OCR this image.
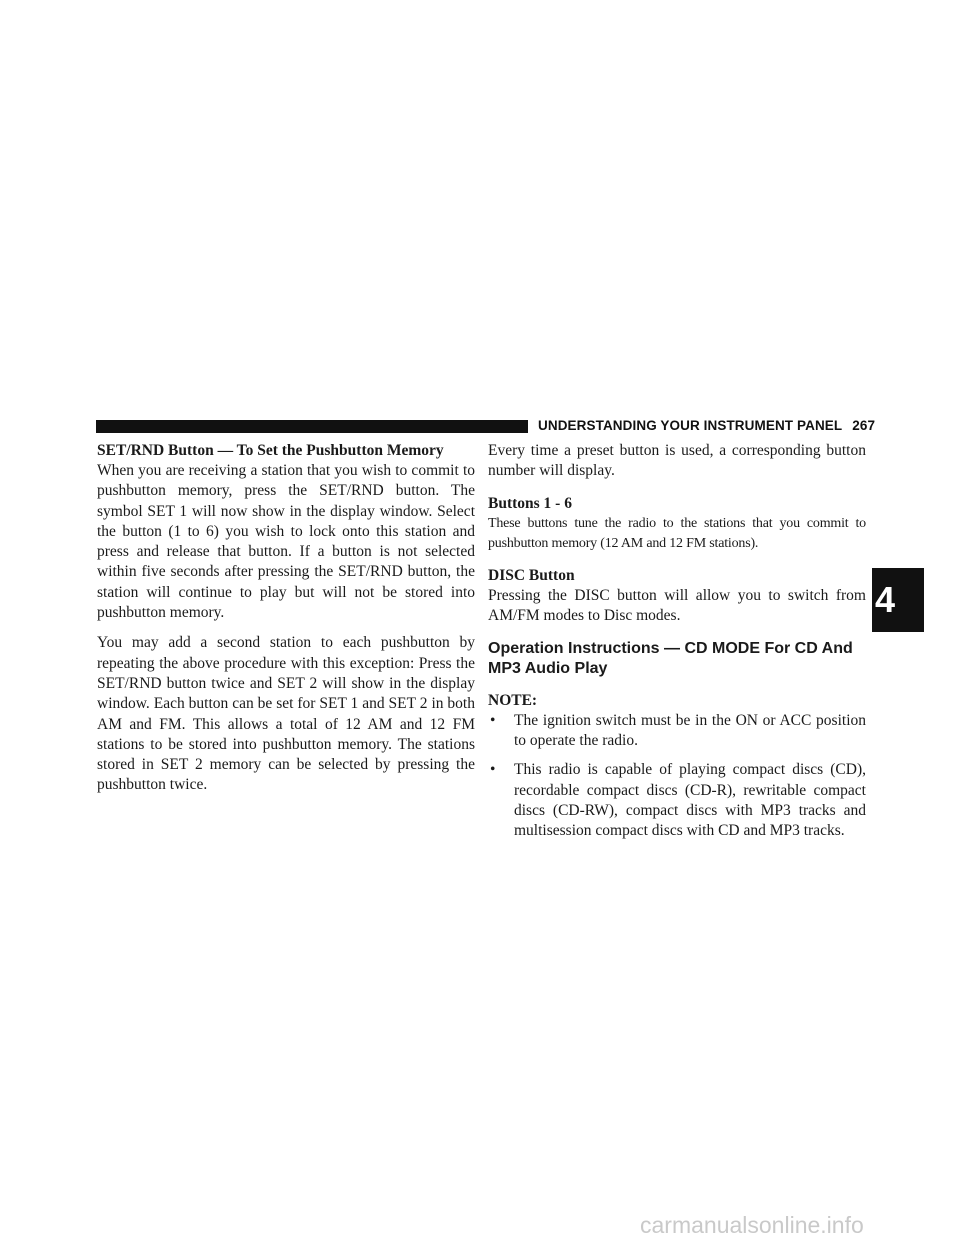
UNDERSTANDING YOUR INSTRUMENT PANEL 267
4
SET/RND Button — To Set the Pushbutton Memory

When you are receiving a station that you wish to commit to pushbutton memory, press the SET/RND button. The symbol SET 1 will now show in the display window. Select the button (1 to 6) you wish to lock onto this station and press and release that button. If a button is not selected within five seconds after pressing the SET/RND button, the station will continue to play but will not be stored into pushbutton memory.

You may add a second station to each pushbutton by repeating the above procedure with this exception: Press the SET/RND button twice and SET 2 will show in the display window. Each button can be set for SET 1 and SET 2 in both AM and FM. This allows a total of 12 AM and 12 FM stations to be stored into pushbutton memory. The stations stored in SET 2 memory can be selected by pressing the pushbutton twice.

Every time a preset button is used, a corresponding button number will display.

Buttons 1 - 6

These buttons tune the radio to the stations that you commit to pushbutton memory (12 AM and 12 FM stations).

DISC Button

Pressing the DISC button will allow you to switch from AM/FM modes to Disc modes.

Operation Instructions — CD MODE For CD And MP3 Audio Play

NOTE:

• The ignition switch must be in the ON or ACC position to operate the radio.
• This radio is capable of playing compact discs (CD), recordable compact discs (CD-R), rewritable compact discs (CD-RW), compact discs with MP3 tracks and multisession compact discs with CD and MP3 tracks.
carmanualsonline.info
